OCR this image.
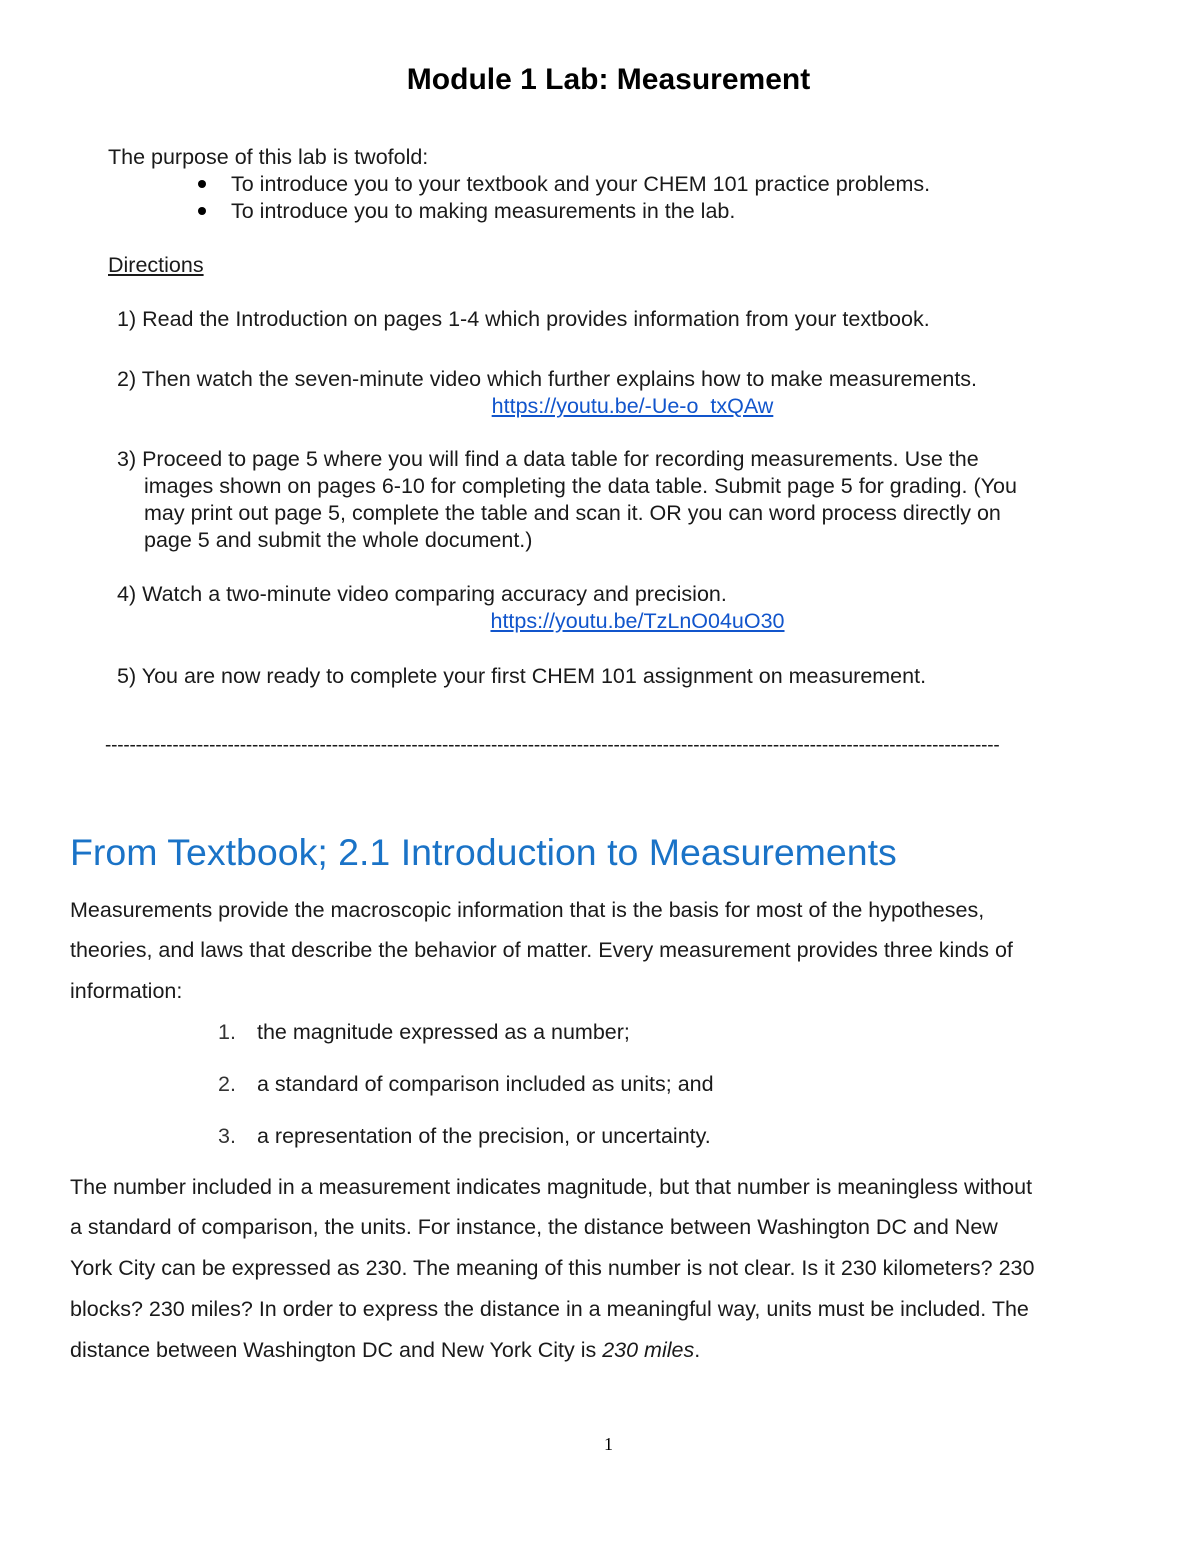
Module 1 Lab: Measurement
The purpose of this lab is twofold:
To introduce you to your textbook and your CHEM 101 practice problems.
To introduce you to making measurements in the lab.
Directions
1) Read the Introduction on pages 1-4 which provides information from your textbook.
2) Then watch the seven-minute video which further explains how to make measurements.
https://youtu.be/-Ue-o_txQAw
3) Proceed to page 5 where you will find a data table for recording measurements. Use the
images shown on pages 6-10 for completing the data table. Submit page 5 for grading. (You
may print out page 5, complete the table and scan it. OR you can word process directly on
page 5 and submit the whole document.)
4) Watch a two-minute video comparing accuracy and precision.
https://youtu.be/TzLnO04uO30
5) You are now ready to complete your first CHEM 101 assignment on measurement.
--------------------------------------------------------------------------------------------------------------------------------------------------
From Textbook; 2.1 Introduction to Measurements
Measurements provide the macroscopic information that is the basis for most of the hypotheses,
theories, and laws that describe the behavior of matter. Every measurement provides three kinds of
information:
1. the magnitude expressed as a number;
2. a standard of comparison included as units; and
3. a representation of the precision, or uncertainty.
The number included in a measurement indicates magnitude, but that number is meaningless without
a standard of comparison, the units. For instance, the distance between Washington DC and New
York City can be expressed as 230. The meaning of this number is not clear. Is it 230 kilometers? 230
blocks? 230 miles? In order to express the distance in a meaningful way, units must be included. The
distance between Washington DC and New York City is 230 miles.
1
